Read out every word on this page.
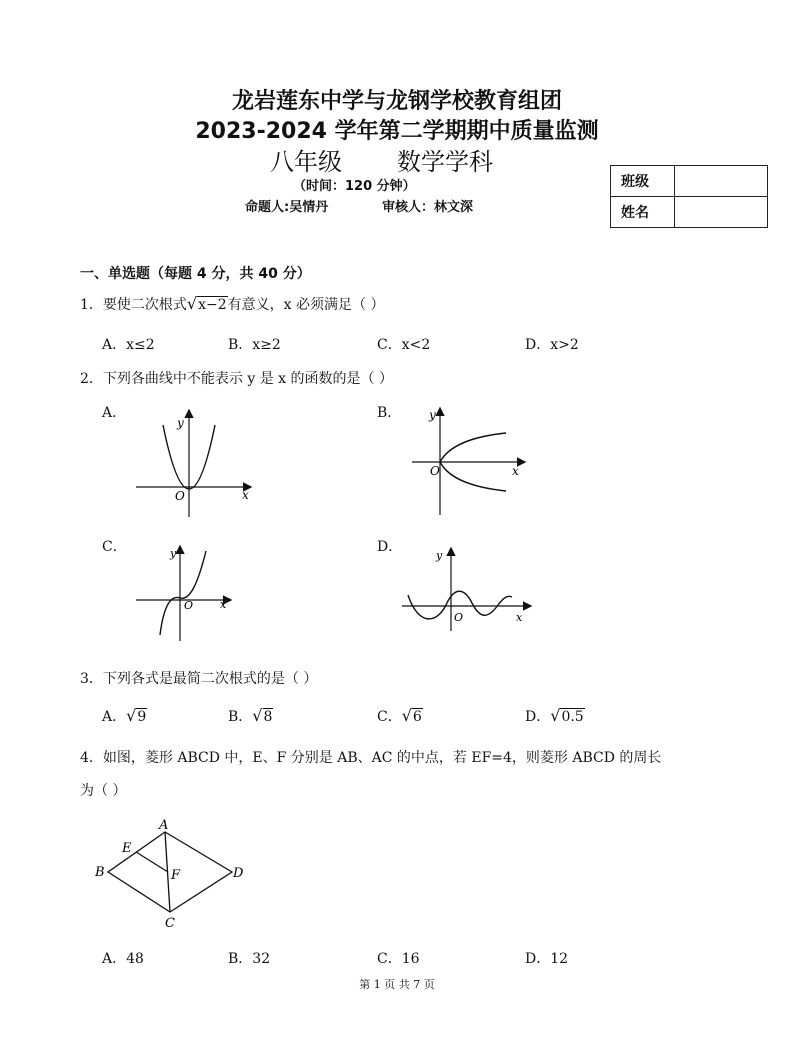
龙岩莲东中学与龙钢学校教育组团
2023-2024 学年第二学期期中质量监测
八年级 数学学科
（时间：120 分钟）
命题人:吴情丹	审核人：林文深
班级	
姓名	
一、单选题（每题 4 分，共 40 分）
1．要使二次根式√x−2有意义，x 必须满足（ ）
A．x≤2	B．x≥2	C．x<2	D．x>2
2．下列各曲线中不能表示 y 是 x 的函数的是（ ）
A．	B．
C．	D．
y
x
O
y
x
O
y
x
O
y
x
O
3．下列各式是最简二次根式的是（ ）
A．√9	B．√8	C．√6	D．√0.5
4．如图，菱形 ABCD 中，E、F 分别是 AB、AC 的中点，若 EF=4，则菱形 ABCD 的周长
为（ ）
A
B
C
D
E
F
A．48	B．32	C．16	D．12
第 1 页 共 7 页
